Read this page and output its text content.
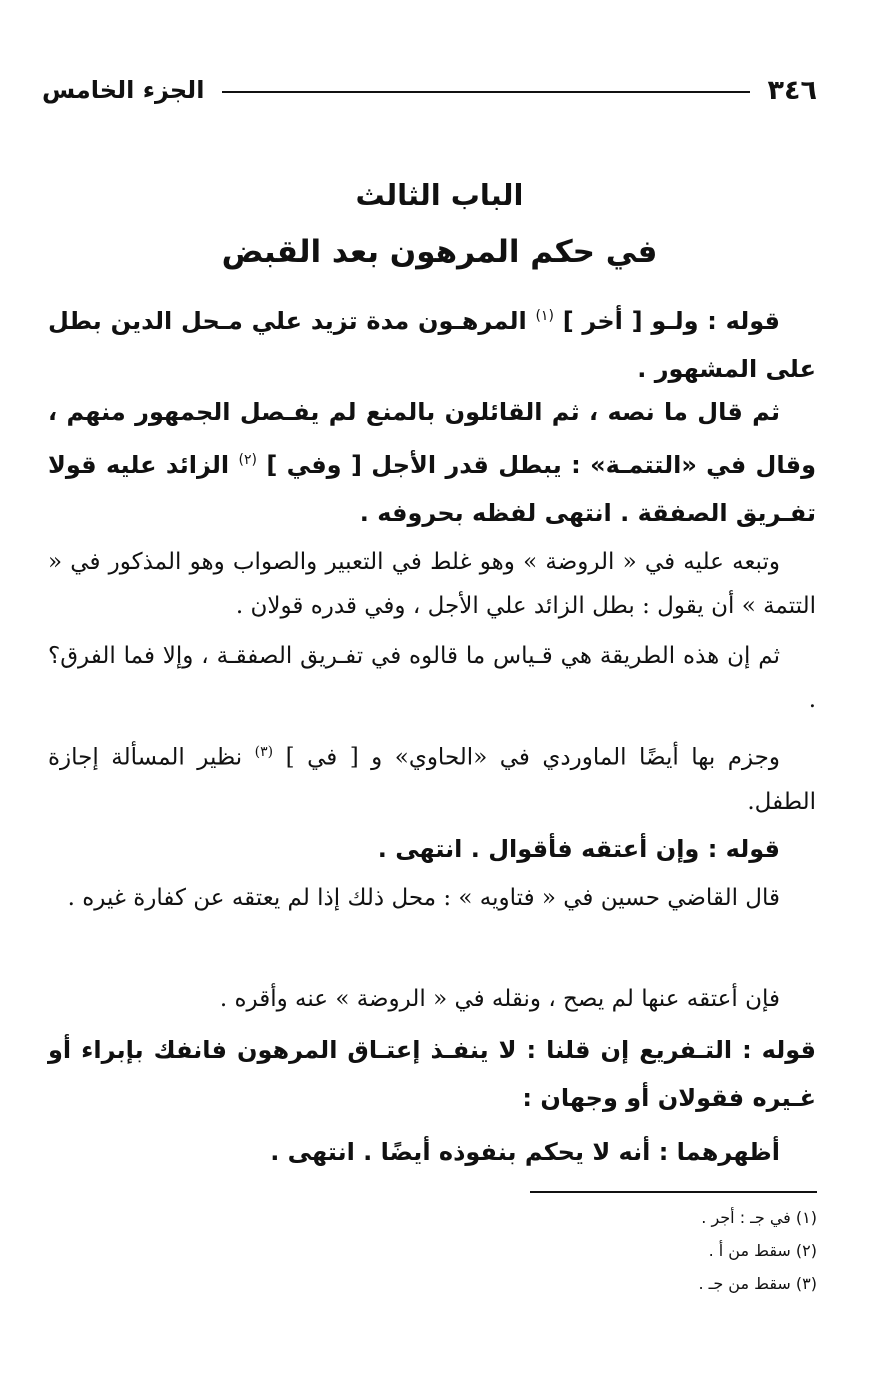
٣٤٦
الجزء الخامس
الباب الثالث
في حكم المرهون بعد القبض

قوله : ولـو [ أخر ] $^{(١)}$ المرهـون مدة تزيد علي مـحل الدين بطل على المشهور .

ثم قال ما نصه ، ثم القائلون بالمنع لم يفـصل الجمهور منهم ، وقال في «التتمـة» : يبطل قدر الأجل [ وفي ] $^{(٢)}$ الزائد عليه قولا تفـريق الصفقة . انتهى لفظه بحروفه .

وتبعه عليه في « الروضة » وهو غلط في التعبير والصواب وهو المذكور في « التتمة » أن يقول : بطل الزائد علي الأجل ، وفي قدره قولان .

ثم إن هذه الطريقة هي قـياس ما قالوه في تفـريق الصفقـة ، وإلا فما الفرق؟ .

وجزم بها أيضًا الماوردي في «الحاوي» و [ في ] $^{(٣)}$ نظير المسألة إجازة الطفل.

قوله : وإن أعتقه فأقوال . انتهى .

قال القاضي حسين في « فتاويه » : محل ذلك إذا لم يعتقه عن كفارة غيره .

فإن أعتقه عنها لم يصح ، ونقله في « الروضة » عنه وأقره .

قوله : التـفريع إن قلنا : لا ينفـذ إعتـاق المرهون فانفك بإبراء أو غـيره فقولان أو وجهان :

أظهرهما : أنه لا يحكم بنفوذه أيضًا . انتهى .

(١) في جـ : أجر .
(٢) سقط من أ .
(٣) سقط من جـ .
